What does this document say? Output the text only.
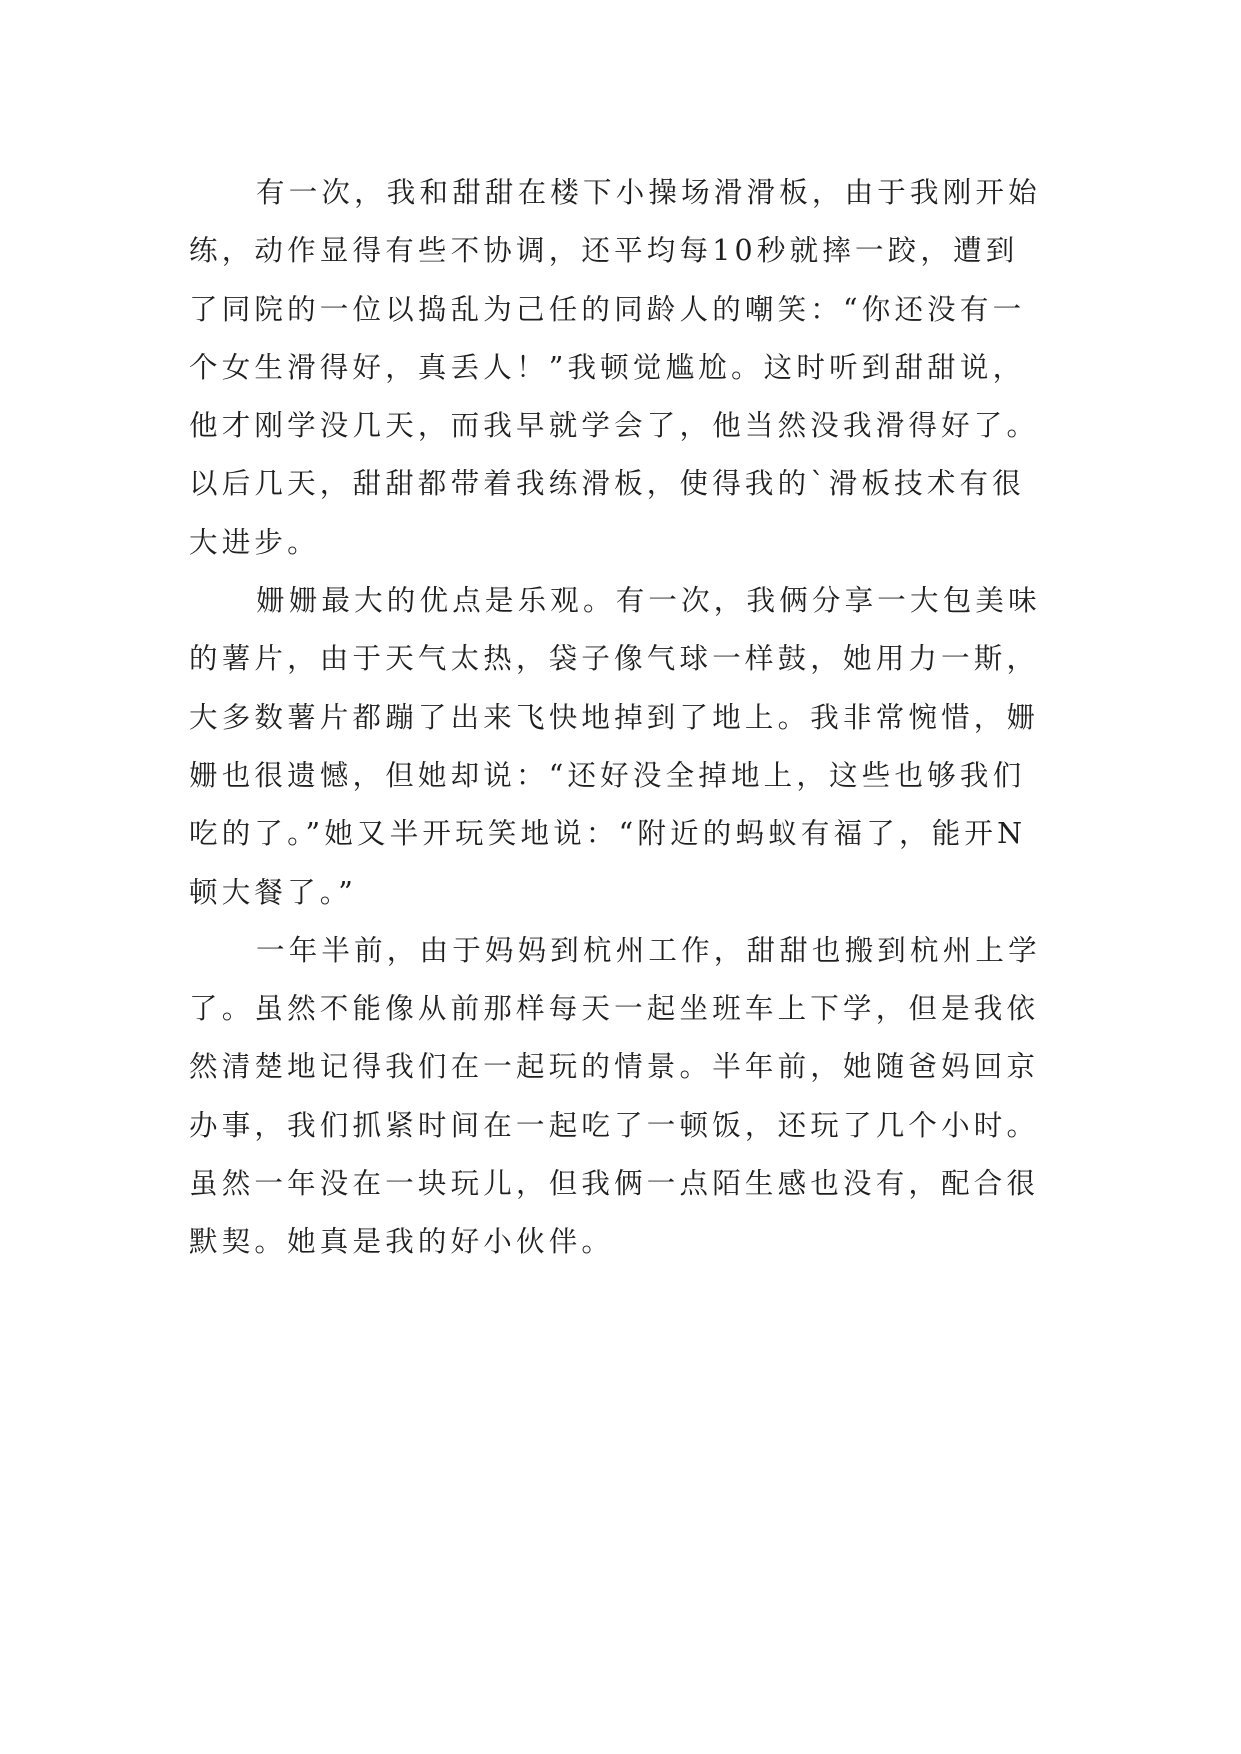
有一次，我和甜甜在楼下小操场滑滑板，由于我刚开始
练，动作显得有些不协调，还平均每10秒就摔一跤，遭到
了同院的一位以捣乱为己任的同龄人的嘲笑：“你还没有一
个女生滑得好，真丢人！”我顿觉尴尬。这时听到甜甜说，
他才刚学没几天，而我早就学会了，他当然没我滑得好了。
以后几天，甜甜都带着我练滑板，使得我的`滑板技术有很
大进步。
姗姗最大的优点是乐观。有一次，我俩分享一大包美味
的薯片，由于天气太热，袋子像气球一样鼓，她用力一斯，
大多数薯片都蹦了出来飞快地掉到了地上。我非常惋惜，姗
姗也很遗憾，但她却说：“还好没全掉地上，这些也够我们
吃的了。”她又半开玩笑地说：“附近的蚂蚁有福了，能开N
顿大餐了。”
一年半前，由于妈妈到杭州工作，甜甜也搬到杭州上学
了。虽然不能像从前那样每天一起坐班车上下学，但是我依
然清楚地记得我们在一起玩的情景。半年前，她随爸妈回京
办事，我们抓紧时间在一起吃了一顿饭，还玩了几个小时。
虽然一年没在一块玩儿，但我俩一点陌生感也没有，配合很
默契。她真是我的好小伙伴。
